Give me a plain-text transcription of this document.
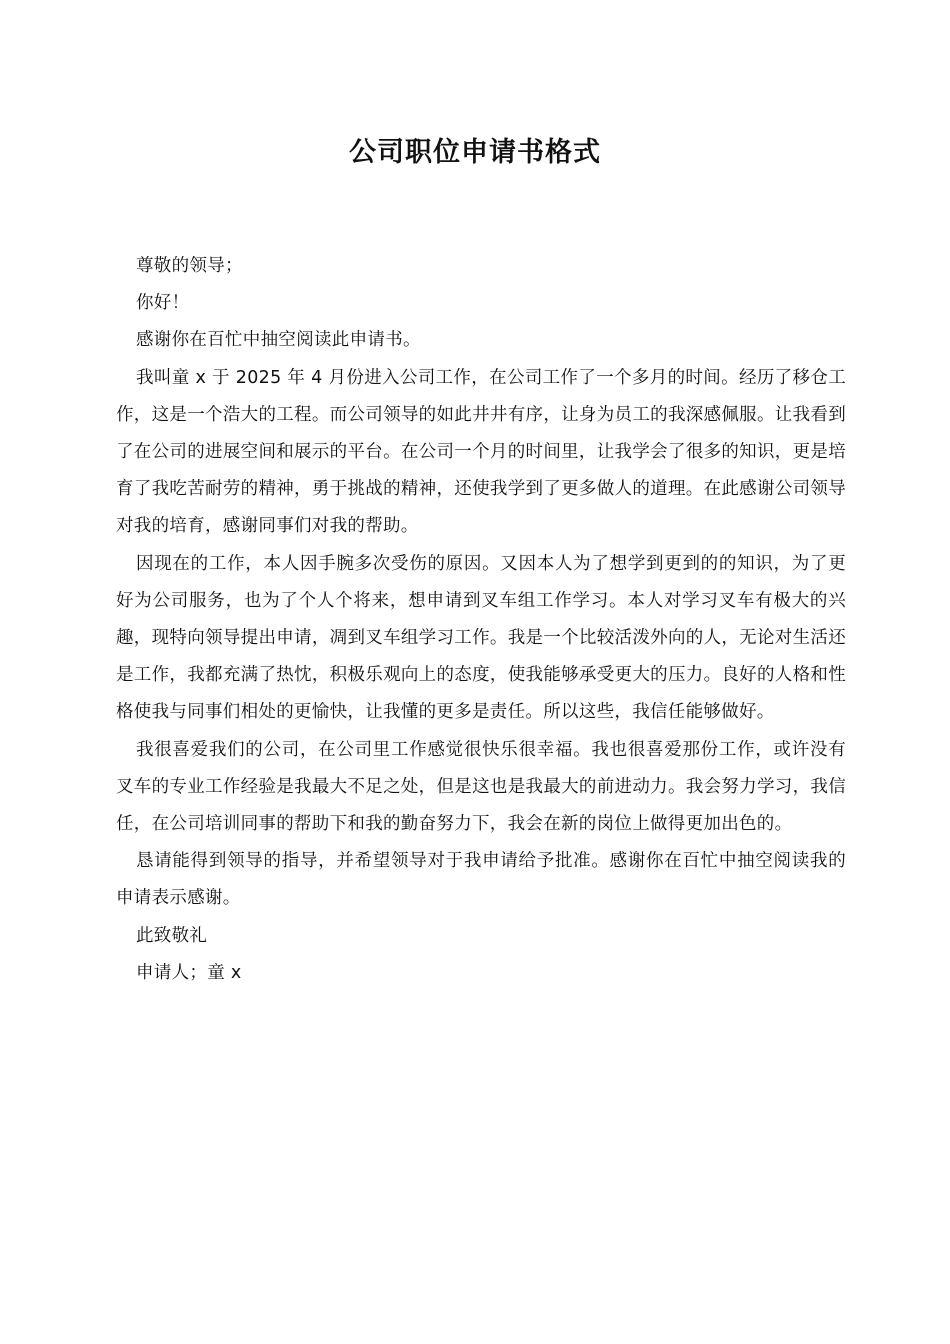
公司职位申请书格式

尊敬的领导；

你好！

感谢你在百忙中抽空阅读此申请书。

我叫童 x 于 2025 年 4 月份进入公司工作，在公司工作了一个多月的时间。经历了移仓工作，这是一个浩大的工程。而公司领导的如此井井有序，让身为员工的我深感佩服。让我看到了在公司的进展空间和展示的平台。在公司一个月的时间里，让我学会了很多的知识，更是培育了我吃苦耐劳的精神，勇于挑战的精神，还使我学到了更多做人的道理。在此感谢公司领导对我的培育，感谢同事们对我的帮助。

因现在的工作，本人因手腕多次受伤的原因。又因本人为了想学到更到的的知识，为了更好为公司服务，也为了个人个将来，想申请到叉车组工作学习。本人对学习叉车有极大的兴趣，现特向领导提出申请，凋到叉车组学习工作。我是一个比较活泼外向的人，无论对生活还是工作，我都充满了热忱，积极乐观向上的态度，使我能够承受更大的压力。良好的人格和性格使我与同事们相处的更愉快，让我懂的更多是责任。所以这些，我信任能够做好。

我很喜爱我们的公司，在公司里工作感觉很快乐很幸福。我也很喜爱那份工作，或许没有叉车的专业工作经验是我最大不足之处，但是这也是我最大的前进动力。我会努力学习，我信任，在公司培训同事的帮助下和我的勤奋努力下，我会在新的岗位上做得更加出色的。

恳请能得到领导的指导，并希望领导对于我申请给予批准。感谢你在百忙中抽空阅读我的申请表示感谢。

此致敬礼

申请人；童 x
